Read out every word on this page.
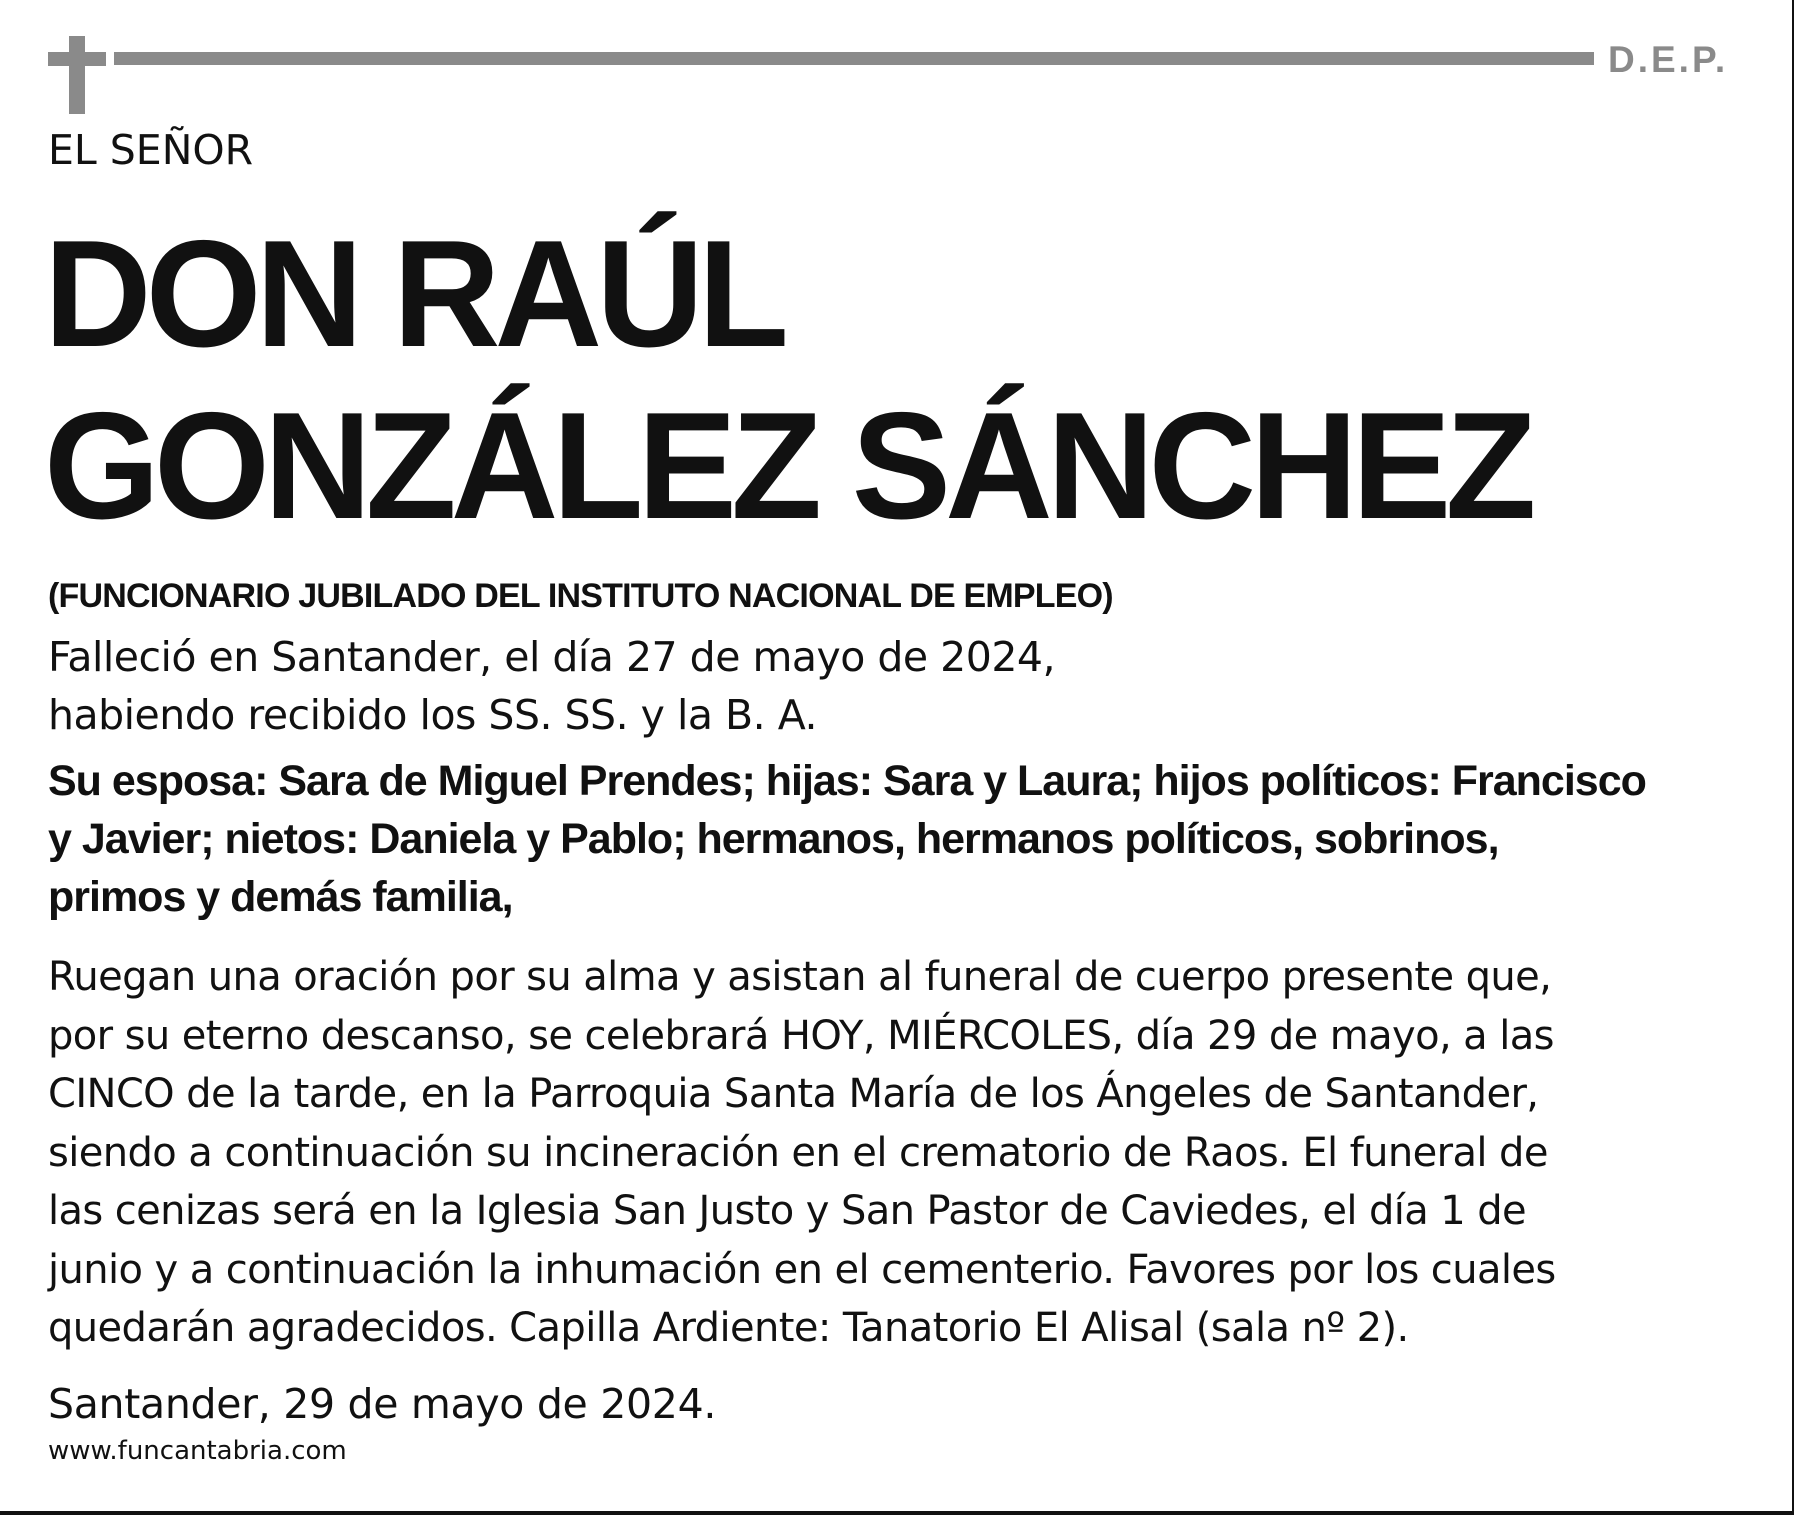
D.E.P.
EL SEÑOR
DON RAÚL
GONZÁLEZ SÁNCHEZ
(FUNCIONARIO JUBILADO DEL INSTITUTO NACIONAL DE EMPLEO)
Falleció en Santander, el día 27 de mayo de 2024,
habiendo recibido los SS. SS. y la B. A.
Su esposa: Sara de Miguel Prendes; hijas: Sara y Laura; hijos políticos: Francisco
y Javier; nietos: Daniela y Pablo; hermanos, hermanos políticos, sobrinos,
primos y demás familia,
Ruegan una oración por su alma y asistan al funeral de cuerpo presente que,
por su eterno descanso, se celebrará HOY, MIÉRCOLES, día 29 de mayo, a las
CINCO de la tarde, en la Parroquia Santa María de los Ángeles de Santander,
siendo a continuación su incineración en el crematorio de Raos. El funeral de
las cenizas será en la Iglesia San Justo y San Pastor de Caviedes, el día 1 de
junio y a continuación la inhumación en el cementerio. Favores por los cuales
quedarán agradecidos. Capilla Ardiente: Tanatorio El Alisal (sala nº 2).
Santander, 29 de mayo de 2024.
www.funcantabria.com
